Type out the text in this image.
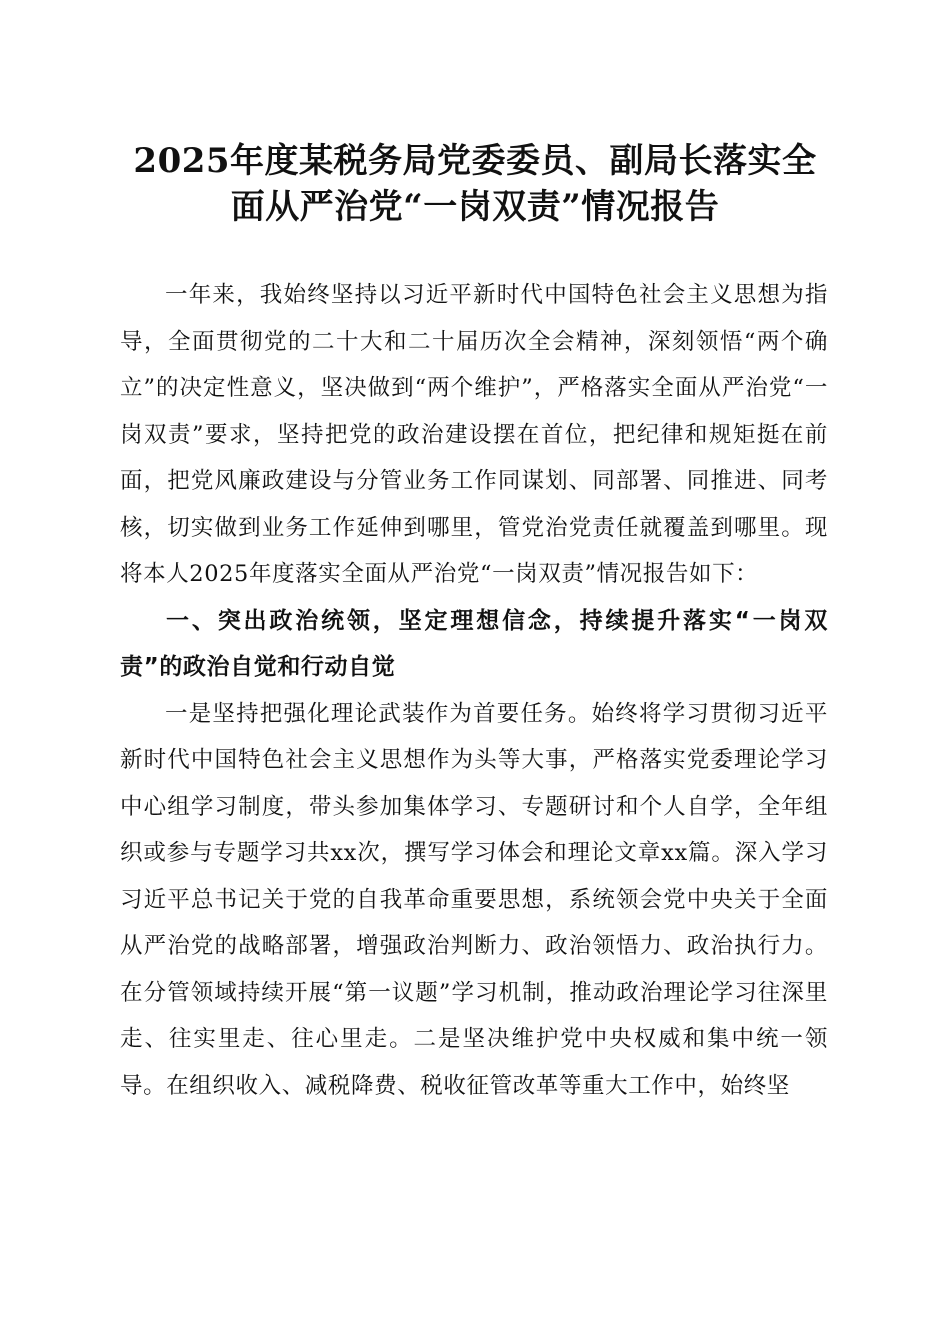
2025年度某税务局党委委员、副局长落实全
面从严治党“一岗双责”情况报告

一年来，我始终坚持以习近平新时代中国特色社会主义思想为指导，全面贯彻党的二十大和二十届历次全会精神，深刻领悟“两个确立”的决定性意义，坚决做到“两个维护”，严格落实全面从严治党“一岗双责”要求，坚持把党的政治建设摆在首位，把纪律和规矩挺在前面，把党风廉政建设与分管业务工作同谋划、同部署、同推进、同考核，切实做到业务工作延伸到哪里，管党治党责任就覆盖到哪里。现将本人2025年度落实全面从严治党“一岗双责”情况报告如下：

一、突出政治统领，坚定理想信念，持续提升落实“一岗双责”的政治自觉和行动自觉

一是坚持把强化理论武装作为首要任务。始终将学习贯彻习近平新时代中国特色社会主义思想作为头等大事，严格落实党委理论学习中心组学习制度，带头参加集体学习、专题研讨和个人自学，全年组织或参与专题学习共xx次，撰写学习体会和理论文章xx篇。深入学习习近平总书记关于党的自我革命重要思想，系统领会党中央关于全面从严治党的战略部署，增强政治判断力、政治领悟力、政治执行力。在分管领域持续开展“第一议题”学习机制，推动政治理论学习往深里走、往实里走、往心里走。二是坚决维护党中央权威和集中统一领导。在组织收入、减税降费、税收征管改革等重大工作中，始终坚
